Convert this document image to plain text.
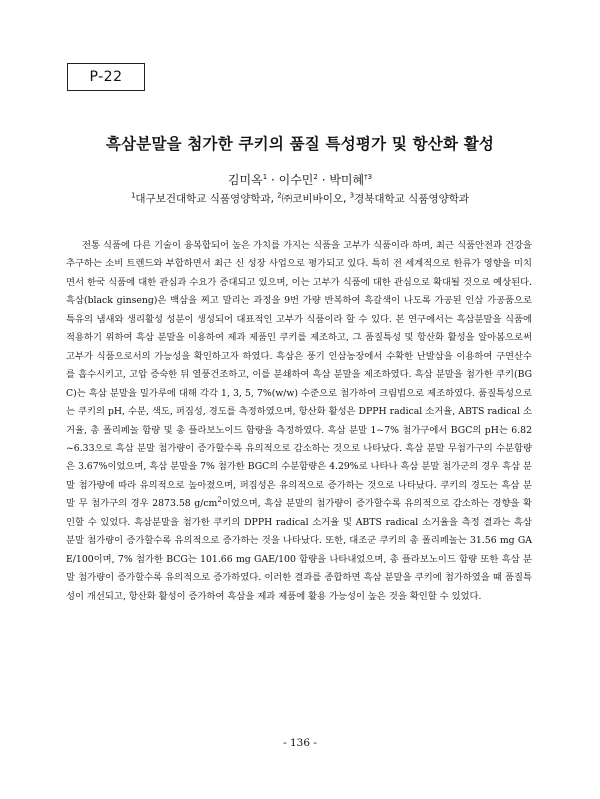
P-22
흑삼분말을 첨가한 쿠키의 품질 특성평가 및 항산화 활성
김미옥$^1$ · 이수민$^2$ · 박미혜$^{\dagger 3}$
$^1$대구보건대학교 식품영양학과, $^2$㈜코비바이오, $^3$경북대학교 식품영양학과

전통 식품에 다른 기술이 융복합되어 높은 가치를 가지는 식품을 고부가 식품이라 하며, 최근 식품안전과 건강을 추구하는 소비 트렌드와 부합하면서 최근 신 성장 사업으로 평가되고 있다. 특히 전 세계적으로 한류가 영향을 미치면서 한국 식품에 대한 관심과 수요가 증대되고 있으며, 이는 고부가 식품에 대한 관심으로 확대될 것으로 예상된다. 흑삼(black ginseng)은 백삼을 찌고 말리는 과정을 9번 가량 반복하여 흑갈색이 나도록 가공된 인삼 가공품으로 특유의 냄새와 생리활성 성분이 생성되어 대표적인 고부가 식품이라 할 수 있다. 본 연구에서는 흑삼분말을 식품에 적용하기 위하여 흑삼 분말을 이용하여 제과 제품인 쿠키를 제조하고, 그 품질특성 및 항산화 활성을 알아봄으로써 고부가 식품으로서의 가능성을 확인하고자 하였다. 흑삼은 풍기 인삼농장에서 수확한 난발삼을 이용하여 구연산수를 흡수시키고, 고압 증숙한 뒤 열풍건조하고, 이를 분쇄하여 흑삼 분말을 제조하였다. 흑삼 분말을 첨가한 쿠키(BGC)는 흑삼 분말을 밀가루에 대해 각각 1, 3, 5, 7%(w/w) 수준으로 첨가하여 크림법으로 제조하였다. 품질특성으로는 쿠키의 pH, 수분, 색도, 퍼짐성, 경도를 측정하였으며, 항산화 활성은 DPPH radical 소거율, ABTS radical 소거율, 총 폴리페놀 함량 및 총 플라보노이드 함량을 측정하였다. 흑삼 분말 1~7% 첨가구에서 BGC의 pH는 6.82~6.33으로 흑삼 분말 첨가량이 증가할수록 유의적으로 감소하는 것으로 나타났다. 흑삼 분말 무첨가구의 수분함량은 3.67%이었으며, 흑삼 분말을 7% 첨가한 BGC의 수분함량은 4.29%로 나타나 흑삼 분말 첨가군의 경우 흑삼 분말 첨가량에 따라 유의적으로 높아졌으며, 퍼짐성은 유의적으로 증가하는 것으로 나타났다. 쿠키의 경도는 흑삼 분말 무 첨가구의 경우 2873.58 $g/cm^2$이었으며, 흑삼 분말의 첨가량이 증가할수록 유의적으로 감소하는 경향을 확인할 수 있었다. 흑삼분말을 첨가한 쿠키의 DPPH radical 소거율 및 ABTS radical 소거율을 측정 결과는 흑삼 분말 첨가량이 증가할수록 유의적으로 증가하는 것을 나타났다. 또한, 대조군 쿠키의 총 폴리페놀는 31.56 mg GAE/100이며, 7% 첨가한 BCG는 101.66 mg GAE/100 함량을 나타내었으며, 총 플라보노이드 함량 또한 흑삼 분말 첨가량이 증가할수록 유의적으로 증가하였다. 이러한 결과를 종합하면 흑삼 분말을 쿠키에 첨가하였을 때 품질특성이 개선되고, 항산화 활성이 증가하여 흑삼을 제과 제품에 활용 가능성이 높은 것을 확인할 수 있었다.

- 136 -
